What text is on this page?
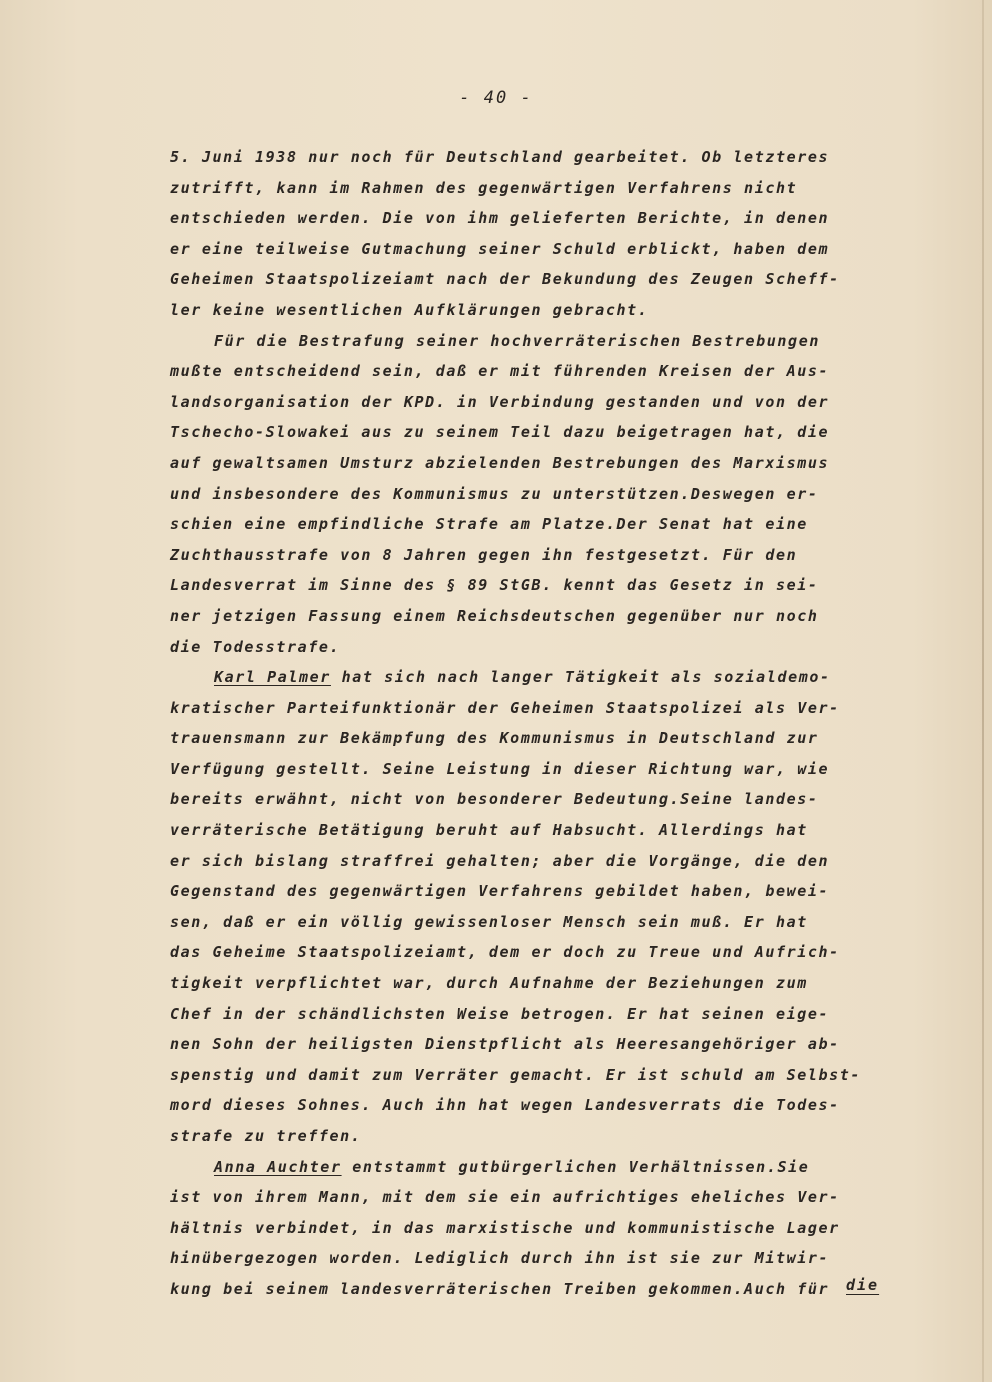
- 40 -
5. Juni 1938 nur noch für Deutschland gearbeitet. Ob letzteres
zutrifft, kann im Rahmen des gegenwärtigen Verfahrens nicht
entschieden werden. Die von ihm gelieferten Berichte, in denen
er eine teilweise Gutmachung seiner Schuld erblickt, haben dem
Geheimen Staatspolizeiamt nach der Bekundung des Zeugen Scheff-
ler keine wesentlichen Aufklärungen gebracht.
Für die Bestrafung seiner hochverräterischen Bestrebungen
mußte entscheidend sein, daß er mit führenden Kreisen der Aus-
landsorganisation der KPD. in Verbindung gestanden und von der
Tschecho-Slowakei aus zu seinem Teil dazu beigetragen hat, die
auf gewaltsamen Umsturz abzielenden Bestrebungen des Marxismus
und insbesondere des Kommunismus zu unterstützen.Deswegen er-
schien eine empfindliche Strafe am Platze.Der Senat hat eine
Zuchthausstrafe von 8 Jahren gegen ihn festgesetzt. Für den
Landesverrat im Sinne des § 89 StGB. kennt das Gesetz in sei-
ner jetzigen Fassung einem Reichsdeutschen gegenüber nur noch
die Todesstrafe.
Karl Palmer hat sich nach langer Tätigkeit als sozialdemo-
kratischer Parteifunktionär der Geheimen Staatspolizei als Ver-
trauensmann zur Bekämpfung des Kommunismus in Deutschland zur
Verfügung gestellt. Seine Leistung in dieser Richtung war, wie
bereits erwähnt, nicht von besonderer Bedeutung.Seine landes-
verräterische Betätigung beruht auf Habsucht. Allerdings hat
er sich bislang straffrei gehalten; aber die Vorgänge, die den
Gegenstand des gegenwärtigen Verfahrens gebildet haben, bewei-
sen, daß er ein völlig gewissenloser Mensch sein muß. Er hat
das Geheime Staatspolizeiamt, dem er doch zu Treue und Aufrich-
tigkeit verpflichtet war, durch Aufnahme der Beziehungen zum
Chef in der schändlichsten Weise betrogen. Er hat seinen eige-
nen Sohn der heiligsten Dienstpflicht als Heeresangehöriger ab-
spenstig und damit zum Verräter gemacht. Er ist schuld am Selbst-
mord dieses Sohnes. Auch ihn hat wegen Landesverrats die Todes-
strafe zu treffen.
Anna Auchter entstammt gutbürgerlichen Verhältnissen.Sie
ist von ihrem Mann, mit dem sie ein aufrichtiges eheliches Ver-
hältnis verbindet, in das marxistische und kommunistische Lager
hinübergezogen worden. Lediglich durch ihn ist sie zur Mitwir-
kung bei seinem landesverräterischen Treiben gekommen.Auch für	die
